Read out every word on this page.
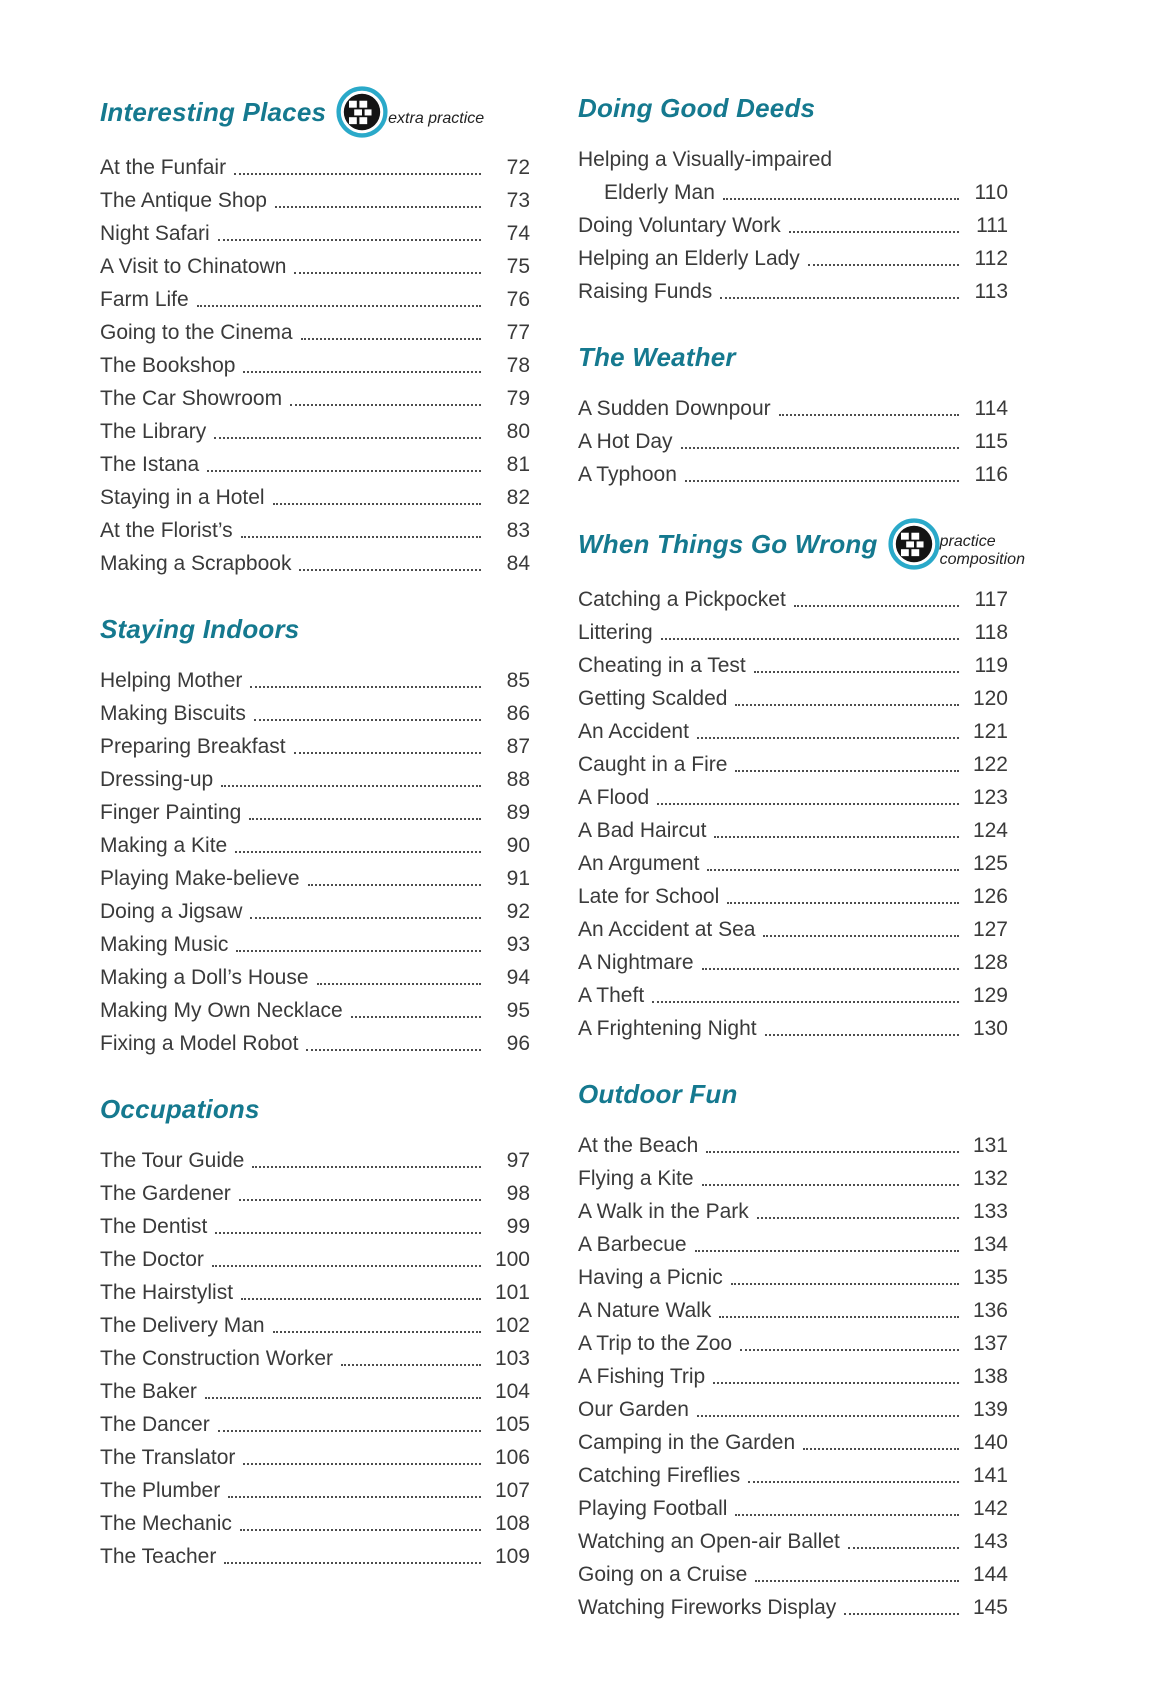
Interesting Places	extra practice
At the Funfair	72
The Antique Shop	73
Night Safari	74
A Visit to Chinatown	75
Farm Life	76
Going to the Cinema	77
The Bookshop	78
The Car Showroom	79
The Library	80
The Istana	81
Staying in a Hotel	82
At the Florist’s	83
Making a Scrapbook	84
Staying Indoors
Helping Mother	85
Making Biscuits	86
Preparing Breakfast	87
Dressing-up	88
Finger Painting	89
Making a Kite	90
Playing Make-believe	91
Doing a Jigsaw	92
Making Music	93
Making a Doll’s House	94
Making My Own Necklace	95
Fixing a Model Robot	96
Occupations
The Tour Guide	97
The Gardener	98
The Dentist	99
The Doctor	100
The Hairstylist	101
The Delivery Man	102
The Construction Worker	103
The Baker	104
The Dancer	105
The Translator	106
The Plumber	107
The Mechanic	108
The Teacher	109
Doing Good Deeds
Helping a Visually-impaired
Elderly Man	110
Doing Voluntary Work	111
Helping an Elderly Lady	112
Raising Funds	113
The Weather
A Sudden Downpour	114
A Hot Day	115
A Typhoon	116
When Things Go Wrong	practice
composition
Catching a Pickpocket	117
Littering	118
Cheating in a Test	119
Getting Scalded	120
An Accident	121
Caught in a Fire	122
A Flood	123
A Bad Haircut	124
An Argument	125
Late for School	126
An Accident at Sea	127
A Nightmare	128
A Theft	129
A Frightening Night	130
Outdoor Fun
At the Beach	131
Flying a Kite	132
A Walk in the Park	133
A Barbecue	134
Having a Picnic	135
A Nature Walk	136
A Trip to the Zoo	137
A Fishing Trip	138
Our Garden	139
Camping in the Garden	140
Catching Fireflies	141
Playing Football	142
Watching an Open-air Ballet	143
Going on a Cruise	144
Watching Fireworks Display	145
